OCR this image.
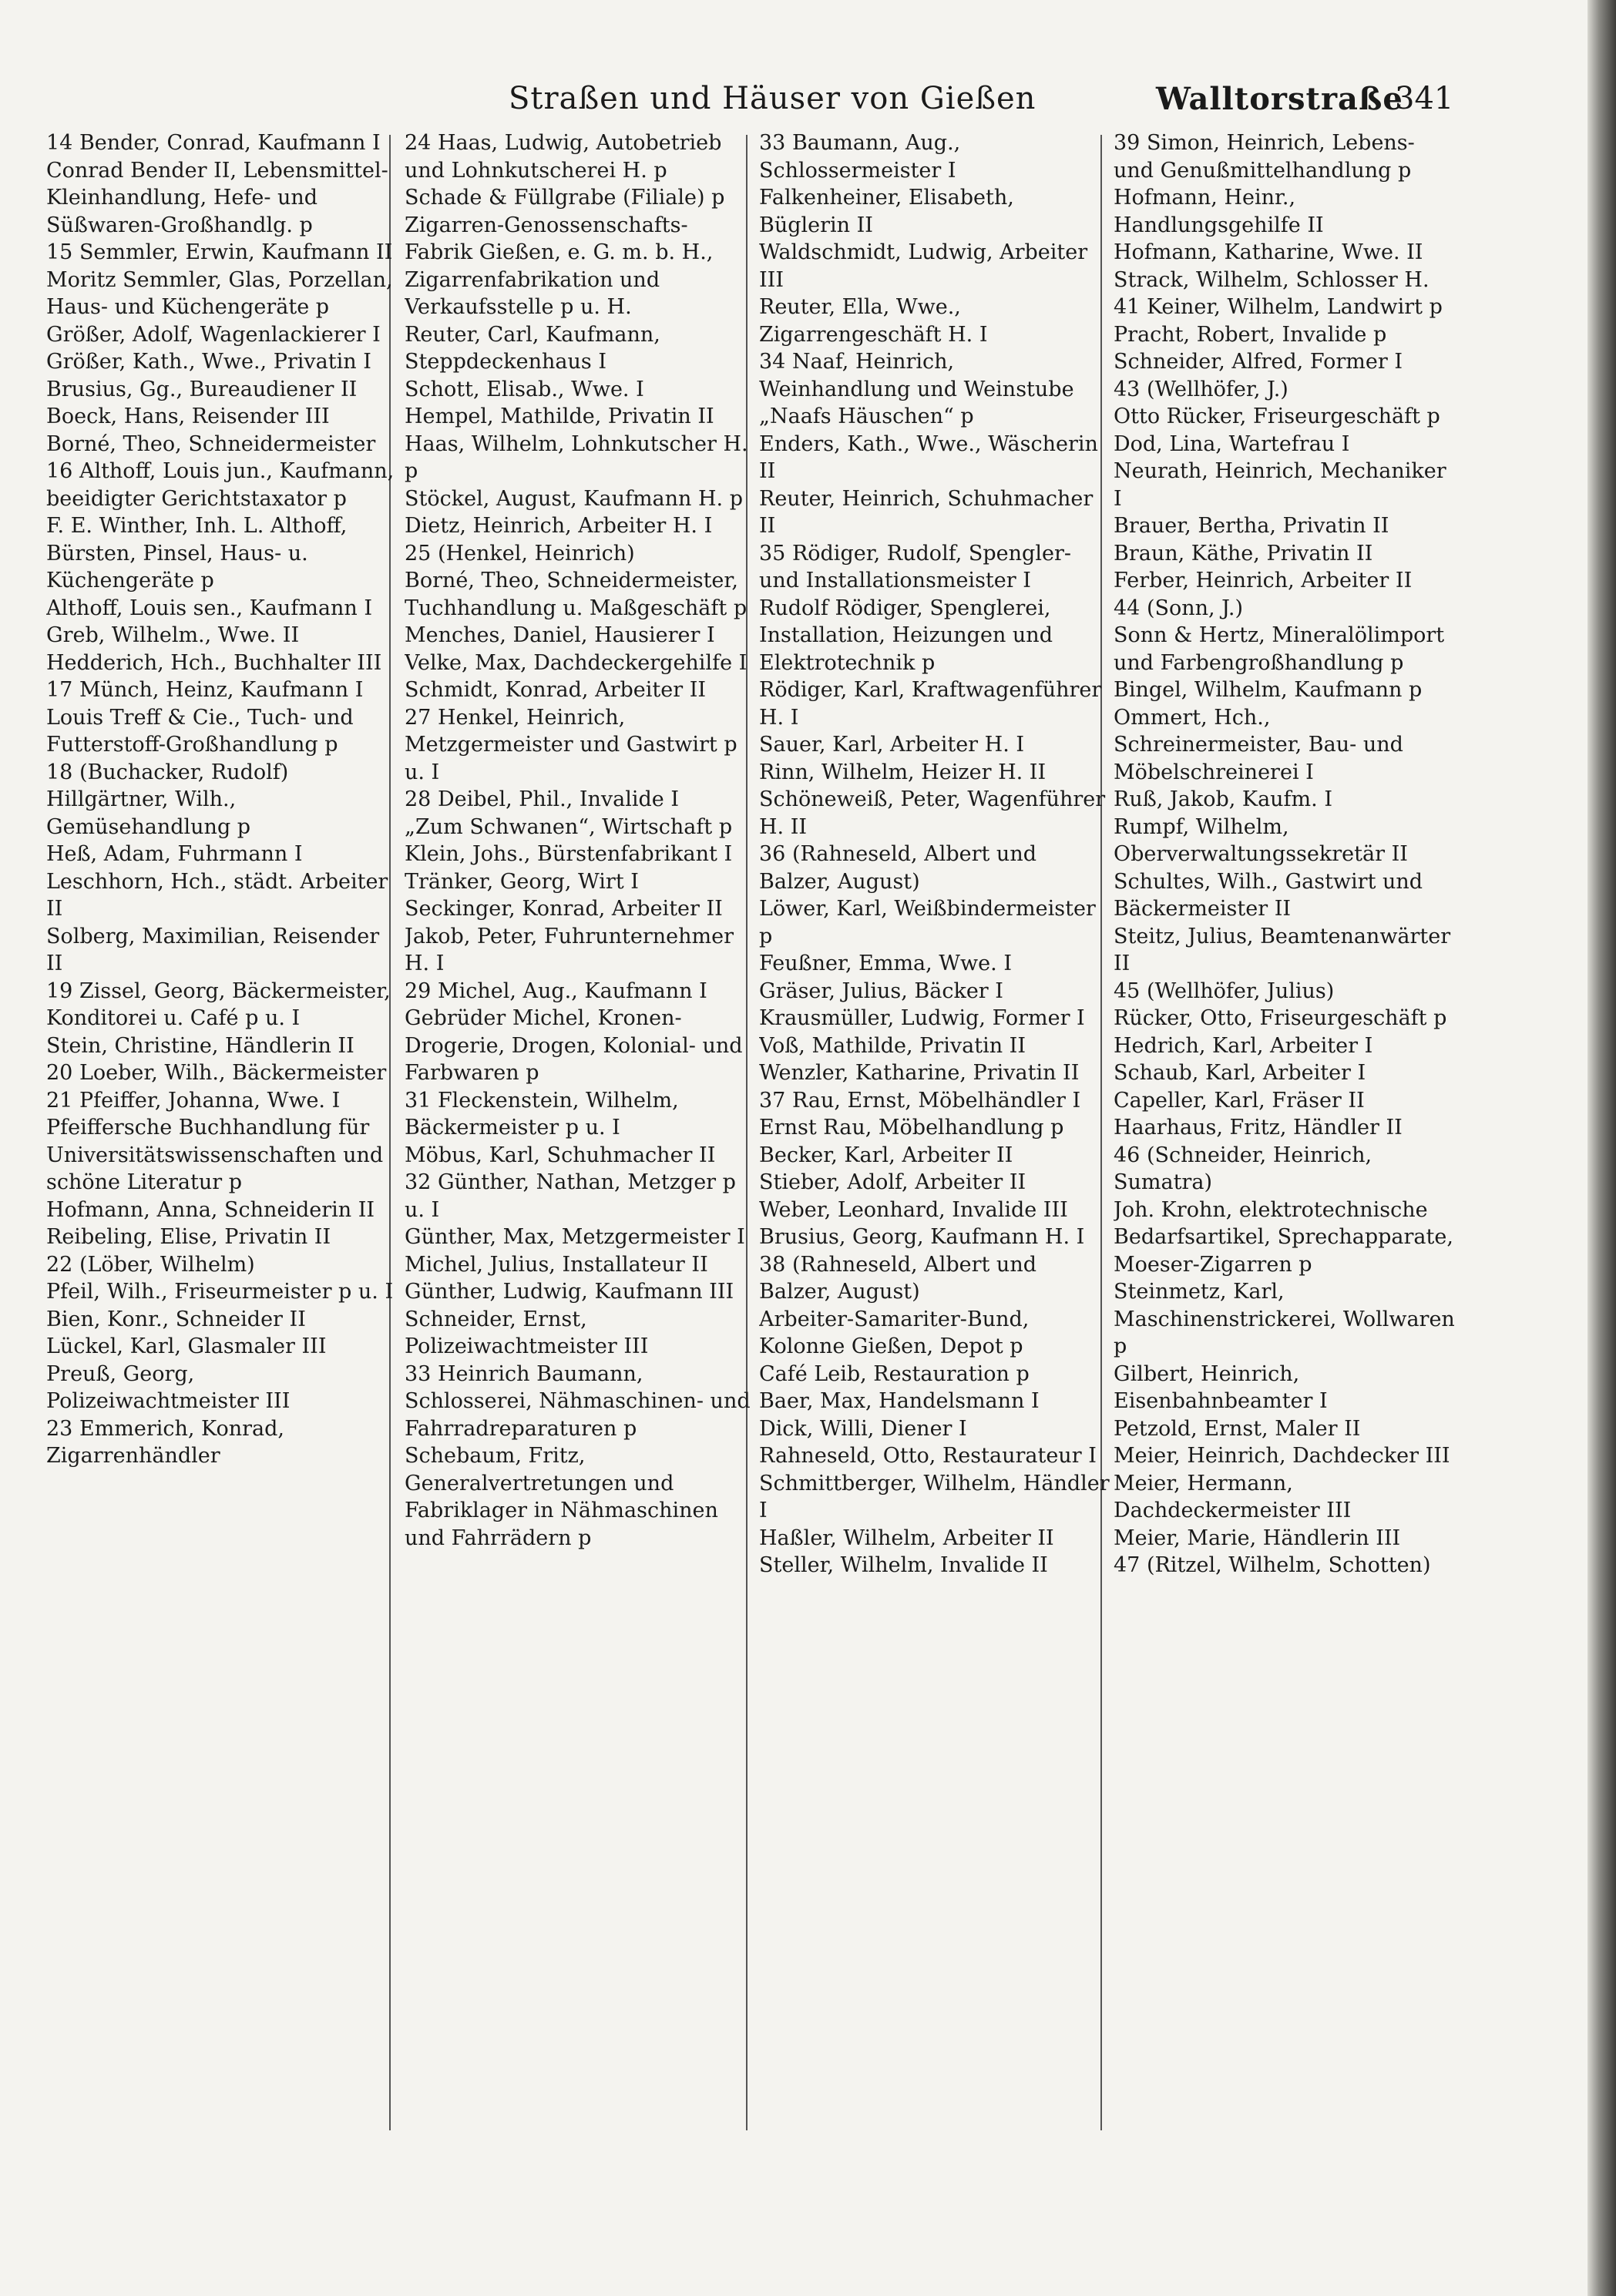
Straßen und Häuser von Gießen	Walltorstraße
341

14 Bender, Conrad, Kaufmann I

Conrad Bender II, Lebensmittel-Kleinhandlung, Hefe- und Süßwaren-Großhandlg. p

15 Semmler, Erwin, Kaufmann II

Moritz Semmler, Glas, Porzellan, Haus- und Küchengeräte p

Größer, Adolf, Wagenlackierer I

Größer, Kath., Wwe., Privatin I

Brusius, Gg., Bureaudiener II

Boeck, Hans, Reisender III

Borné, Theo, Schneidermeister

16 Althoff, Louis jun., Kaufmann, beeidigter Gerichtstaxator p

F. E. Winther, Inh. L. Althoff, Bürsten, Pinsel, Haus- u. Küchengeräte p

Althoff, Louis sen., Kaufmann I

Greb, Wilhelm., Wwe. II

Hedderich, Hch., Buchhalter III

17 Münch, Heinz, Kaufmann I

Louis Treff & Cie., Tuch- und Futterstoff-Großhandlung p

18 (Buchacker, Rudolf)

Hillgärtner, Wilh., Gemüsehandlung p

Heß, Adam, Fuhrmann I

Leschhorn, Hch., städt. Arbeiter II

Solberg, Maximilian, Reisender II

19 Zissel, Georg, Bäckermeister, Konditorei u. Café p u. I

Stein, Christine, Händlerin II

20 Loeber, Wilh., Bäckermeister

21 Pfeiffer, Johanna, Wwe. I

Pfeiffersche Buchhandlung für Universitätswissenschaften und schöne Literatur p

Hofmann, Anna, Schneiderin II

Reibeling, Elise, Privatin II

22 (Löber, Wilhelm)

Pfeil, Wilh., Friseurmeister p u. I

Bien, Konr., Schneider II

Lückel, Karl, Glasmaler III

Preuß, Georg, Polizeiwachtmeister III

23 Emmerich, Konrad, Zigarrenhändler

24 Haas, Ludwig, Autobetrieb und Lohnkutscherei H. p

Schade & Füllgrabe (Filiale) p

Zigarren-Genossenschafts-Fabrik Gießen, e. G. m. b. H., Zigarrenfabrikation und Verkaufsstelle p u. H.

Reuter, Carl, Kaufmann, Steppdeckenhaus I

Schott, Elisab., Wwe. I

Hempel, Mathilde, Privatin II

Haas, Wilhelm, Lohnkutscher H. p

Stöckel, August, Kaufmann H. p

Dietz, Heinrich, Arbeiter H. I

25 (Henkel, Heinrich)

Borné, Theo, Schneidermeister, Tuchhandlung u. Maßgeschäft p

Menches, Daniel, Hausierer I

Velke, Max, Dachdeckergehilfe I

Schmidt, Konrad, Arbeiter II

27 Henkel, Heinrich, Metzgermeister und Gastwirt p u. I

28 Deibel, Phil., Invalide I

„Zum Schwanen“, Wirtschaft p

Klein, Johs., Bürstenfabrikant I

Tränker, Georg, Wirt I

Seckinger, Konrad, Arbeiter II

Jakob, Peter, Fuhrunternehmer H. I

29 Michel, Aug., Kaufmann I

Gebrüder Michel, Kronen-Drogerie, Drogen, Kolonial- und Farbwaren p

31 Fleckenstein, Wilhelm, Bäckermeister p u. I

Möbus, Karl, Schuhmacher II

32 Günther, Nathan, Metzger p u. I

Günther, Max, Metzgermeister I

Michel, Julius, Installateur II

Günther, Ludwig, Kaufmann III

Schneider, Ernst, Polizeiwachtmeister III

33 Heinrich Baumann, Schlosserei, Nähmaschinen- und Fahrradreparaturen p

Schebaum, Fritz, Generalvertretungen und Fabriklager in Nähmaschinen und Fahrrädern p

33 Baumann, Aug., Schlossermeister I

Falkenheiner, Elisabeth, Büglerin II

Waldschmidt, Ludwig, Arbeiter III

Reuter, Ella, Wwe., Zigarrengeschäft H. I

34 Naaf, Heinrich, Weinhandlung und Weinstube „Naafs Häuschen“ p

Enders, Kath., Wwe., Wäscherin II

Reuter, Heinrich, Schuhmacher II

35 Rödiger, Rudolf, Spengler- und Installationsmeister I

Rudolf Rödiger, Spenglerei, Installation, Heizungen und Elektrotechnik p

Rödiger, Karl, Kraftwagenführer H. I

Sauer, Karl, Arbeiter H. I

Rinn, Wilhelm, Heizer H. II

Schöneweiß, Peter, Wagenführer H. II

36 (Rahneseld, Albert und Balzer, August)

Löwer, Karl, Weißbindermeister p

Feußner, Emma, Wwe. I

Gräser, Julius, Bäcker I

Krausmüller, Ludwig, Former I

Voß, Mathilde, Privatin II

Wenzler, Katharine, Privatin II

37 Rau, Ernst, Möbelhändler I

Ernst Rau, Möbelhandlung p

Becker, Karl, Arbeiter II

Stieber, Adolf, Arbeiter II

Weber, Leonhard, Invalide III

Brusius, Georg, Kaufmann H. I

38 (Rahneseld, Albert und Balzer, August)

Arbeiter-Samariter-Bund, Kolonne Gießen, Depot p

Café Leib, Restauration p

Baer, Max, Handelsmann I

Dick, Willi, Diener I

Rahneseld, Otto, Restaurateur I

Schmittberger, Wilhelm, Händler I

Haßler, Wilhelm, Arbeiter II

Steller, Wilhelm, Invalide II

39 Simon, Heinrich, Lebens- und Genußmittelhandlung p

Hofmann, Heinr., Handlungsgehilfe II

Hofmann, Katharine, Wwe. II

Strack, Wilhelm, Schlosser H.

41 Keiner, Wilhelm, Landwirt p

Pracht, Robert, Invalide p

Schneider, Alfred, Former I

43 (Wellhöfer, J.)

Otto Rücker, Friseurgeschäft p

Dod, Lina, Wartefrau I

Neurath, Heinrich, Mechaniker I

Brauer, Bertha, Privatin II

Braun, Käthe, Privatin II

Ferber, Heinrich, Arbeiter II

44 (Sonn, J.)

Sonn & Hertz, Mineralölimport und Farbengroßhandlung p

Bingel, Wilhelm, Kaufmann p

Ommert, Hch., Schreinermeister, Bau- und Möbelschreinerei I

Ruß, Jakob, Kaufm. I

Rumpf, Wilhelm, Oberverwaltungssekretär II

Schultes, Wilh., Gastwirt und Bäckermeister II

Steitz, Julius, Beamtenanwärter II

45 (Wellhöfer, Julius)

Rücker, Otto, Friseurgeschäft p

Hedrich, Karl, Arbeiter I

Schaub, Karl, Arbeiter I

Capeller, Karl, Fräser II

Haarhaus, Fritz, Händler II

46 (Schneider, Heinrich, Sumatra)

Joh. Krohn, elektrotechnische Bedarfsartikel, Sprechapparate, Moeser-Zigarren p

Steinmetz, Karl, Maschinenstrickerei, Wollwaren p

Gilbert, Heinrich, Eisenbahnbeamter I

Petzold, Ernst, Maler II

Meier, Heinrich, Dachdecker III

Meier, Hermann, Dachdeckermeister III

Meier, Marie, Händlerin III

47 (Ritzel, Wilhelm, Schotten)
